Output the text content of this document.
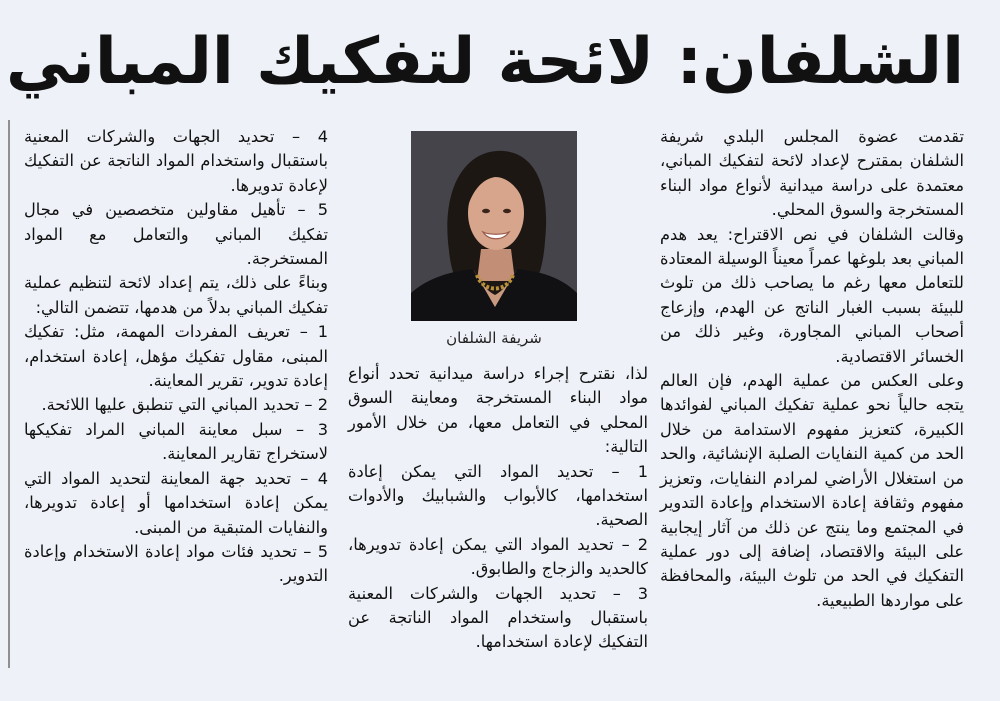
الشلفان: لائحة لتفكيك المباني

تقدمت عضوة المجلس البلدي شريفة الشلفان بمقترح لإعداد لائحة لتفكيك المباني، معتمدة على دراسة ميدانية لأنواع مواد البناء المستخرجة والسوق المحلي.

وقالت الشلفان في نص الاقتراح: يعد هدم المباني بعد بلوغها عمراً معيناً الوسيلة المعتادة للتعامل معها رغم ما يصاحب ذلك من تلوث للبيئة بسبب الغبار الناتج عن الهدم، وإزعاج أصحاب المباني المجاورة، وغير ذلك من الخسائر الاقتصادية.

وعلى العكس من عملية الهدم، فإن العالم يتجه حالياً نحو عملية تفكيك المباني لفوائدها الكبيرة، كتعزيز مفهوم الاستدامة من خلال الحد من كمية النفايات الصلبة الإنشائية، والحد من استغلال الأراضي لمرادم النفايات، وتعزيز مفهوم وثقافة إعادة الاستخدام وإعادة التدوير في المجتمع وما ينتج عن ذلك من آثار إيجابية على البيئة والاقتصاد، إضافة إلى دور عملية التفكيك في الحد من تلوث البيئة، والمحافظة على مواردها الطبيعية.

شريفة الشلفان

لذا، نقترح إجراء دراسة ميدانية تحدد أنواع مواد البناء المستخرجة ومعاينة السوق المحلي في التعامل معها، من خلال الأمور التالية:

1 – تحديد المواد التي يمكن إعادة استخدامها، كالأبواب والشبابيك والأدوات الصحية.

2 – تحديد المواد التي يمكن إعادة تدويرها، كالحديد والزجاج والطابوق.

3 – تحديد الجهات والشركات المعنية باستقبال واستخدام المواد الناتجة عن التفكيك لإعادة استخدامها.

4 – تحديد الجهات والشركات المعنية باستقبال واستخدام المواد الناتجة عن التفكيك لإعادة تدويرها.

5 – تأهيل مقاولين متخصصين في مجال تفكيك المباني والتعامل مع المواد المستخرجة.

وبناءً على ذلك، يتم إعداد لائحة لتنظيم عملية تفكيك المباني بدلاً من هدمها، تتضمن التالي:

1 – تعريف المفردات المهمة، مثل: تفكيك المبنى، مقاول تفكيك مؤهل، إعادة استخدام، إعادة تدوير، تقرير المعاينة.

2 – تحديد المباني التي تنطبق عليها اللائحة.

3 – سبل معاينة المباني المراد تفكيكها لاستخراج تقارير المعاينة.

4 – تحديد جهة المعاينة لتحديد المواد التي يمكن إعادة استخدامها أو إعادة تدويرها، والنفايات المتبقية من المبنى.

5 – تحديد فئات مواد إعادة الاستخدام وإعادة التدوير.
